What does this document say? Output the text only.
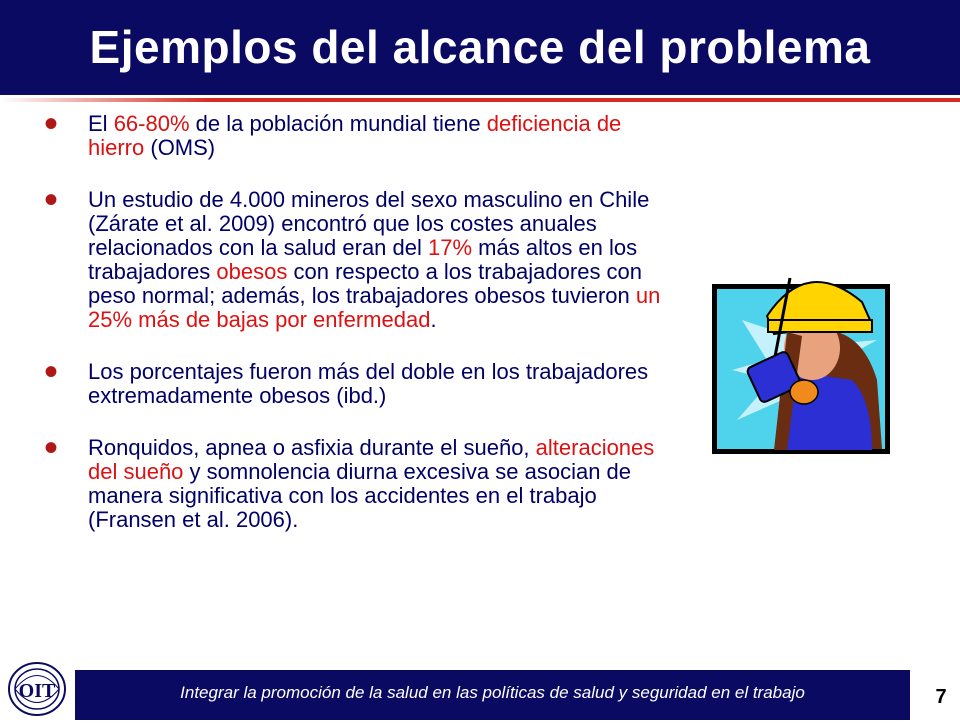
Ejemplos del alcance del problema
• El 66-80% de la población mundial tiene deficiencia de hierro (OMS)
• Un estudio de 4.000 mineros del sexo masculino en Chile (Zárate et al. 2009) encontró que los costes anuales relacionados con la salud eran del 17% más altos en los trabajadores obesos con respecto a los trabajadores con peso normal; además, los trabajadores obesos tuvieron un 25% más de bajas por enfermedad.
• Los porcentajes fueron más del doble en los trabajadores extremadamente obesos (ibd.)
• Ronquidos, apnea o asfixia durante el sueño, alteraciones del sueño y somnolencia diurna excesiva se asocian de manera significativa con los accidentes en el trabajo (Fransen et al. 2006).
OIT	Integrar la promoción de la salud en las políticas de salud y seguridad en el trabajo	7
